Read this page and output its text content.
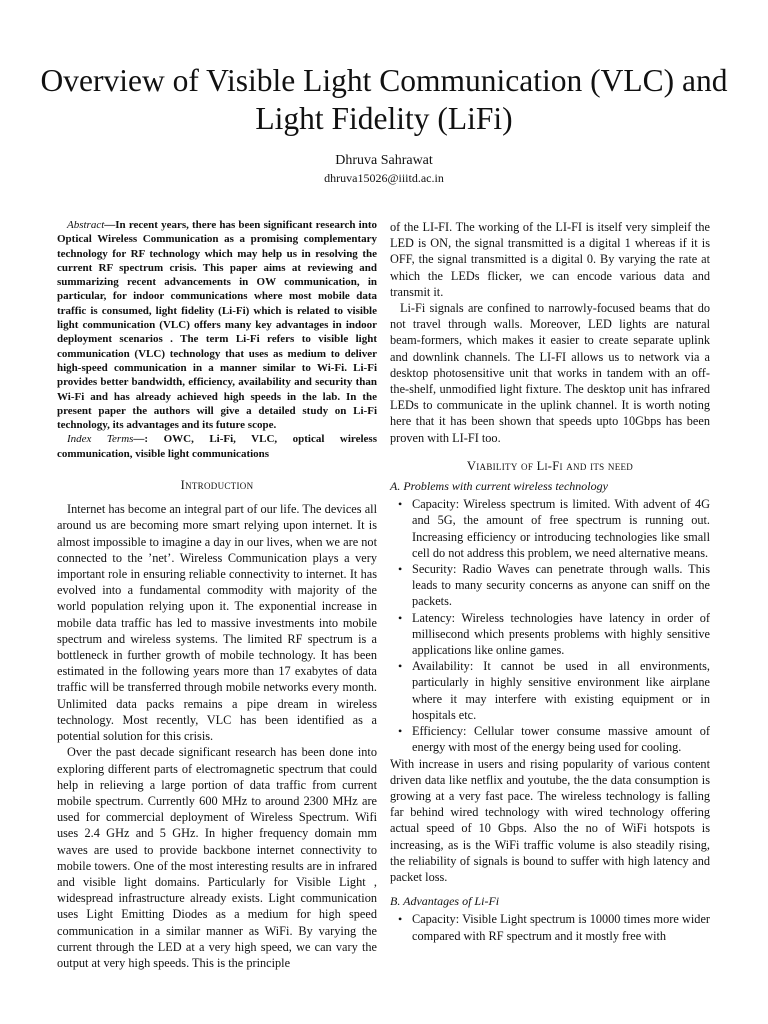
Overview of Visible Light Communication (VLC) and Light Fidelity (LiFi)

Dhruva Sahrawat

dhruva15026@iiitd.ac.in

Abstract—In recent years, there has been significant research into Optical Wireless Communication as a promising complementary technology for RF technology which may help us in resolving the current RF spectrum crisis. This paper aims at reviewing and summarizing recent advancements in OW communication, in particular, for indoor communications where most mobile data traffic is consumed, light fidelity (Li-Fi) which is related to visible light communication (VLC) offers many key advantages in indoor deployment scenarios . The term Li-Fi refers to visible light communication (VLC) technology that uses as medium to deliver high-speed communication in a manner similar to Wi-Fi. Li-Fi provides better bandwidth, efficiency, availability and security than Wi-Fi and has already achieved high speeds in the lab. In the present paper the authors will give a detailed study on Li-Fi technology, its advantages and its future scope.

Index Terms—: OWC, Li-Fi, VLC, optical wireless communication, visible light communications

Introduction

Internet has become an integral part of our life. The devices all around us are becoming more smart relying upon internet. It is almost impossible to imagine a day in our lives, when we are not connected to the ’net’. Wireless Communication plays a very important role in ensuring reliable connectivity to internet. It has evolved into a fundamental commodity with majority of the world population relying upon it. The exponential increase in mobile data traffic has led to massive investments into mobile spectrum and wireless systems. The limited RF spectrum is a bottleneck in further growth of mobile technology. It has been estimated in the following years more than 17 exabytes of data traffic will be transferred through mobile networks every month. Unlimited data packs remains a pipe dream in wireless technology. Most recently, VLC has been identified as a potential solution for this crisis.

Over the past decade significant research has been done into exploring different parts of electromagnetic spectrum that could help in relieving a large portion of data traffic from current mobile spectrum. Currently 600 MHz to around 2300 MHz are used for commercial deployment of Wireless Spectrum. Wifi uses 2.4 GHz and 5 GHz. In higher frequency domain mm waves are used to provide backbone internet connectivity to mobile towers. One of the most interesting results are in infrared and visible light domains. Particularly for Visible Light , widespread infrastructure already exists. Light communication uses Light Emitting Diodes as a medium for high speed communication in a similar manner as WiFi. By varying the current through the LED at a very high speed, we can vary the output at very high speeds. This is the principle

of the LI-FI. The working of the LI-FI is itself very simpleif the LED is ON, the signal transmitted is a digital 1 whereas if it is OFF, the signal transmitted is a digital 0. By varying the rate at which the LEDs flicker, we can encode various data and transmit it.

Li-Fi signals are confined to narrowly-focused beams that do not travel through walls. Moreover, LED lights are natural beam-formers, which makes it easier to create separate uplink and downlink channels. The LI-FI allows us to network via a desktop photosensitive unit that works in tandem with an off-the-shelf, unmodified light fixture. The desktop unit has infrared LEDs to communicate in the uplink channel. It is worth noting here that it has been shown that speeds upto 10Gbps has been proven with LI-FI too.

Viability of Li-Fi and its need
A. Problems with current wireless technology
• Capacity: Wireless spectrum is limited. With advent of 4G and 5G, the amount of free spectrum is running out. Increasing efficiency or introducing technologies like small cell do not address this problem, we need alternative means.
• Security: Radio Waves can penetrate through walls. This leads to many security concerns as anyone can sniff on the packets.
• Latency: Wireless technologies have latency in order of millisecond which presents problems with highly sensitive applications like online games.
• Availability: It cannot be used in all environments, particularly in highly sensitive environment like airplane where it may interfere with existing equipment or in hospitals etc.
• Efficiency: Cellular tower consume massive amount of energy with most of the energy being used for cooling.

With increase in users and rising popularity of various content driven data like netflix and youtube, the the data consumption is growing at a very fast pace. The wireless technology is falling far behind wired technology with wired technology offering actual speed of 10 Gbps. Also the no of WiFi hotspots is increasing, as is the WiFi traffic volume is also steadily rising, the reliability of signals is bound to suffer with high latency and packet loss.

B. Advantages of Li-Fi
• Capacity: Visible Light spectrum is 10000 times more wider compared with RF spectrum and it mostly free with
